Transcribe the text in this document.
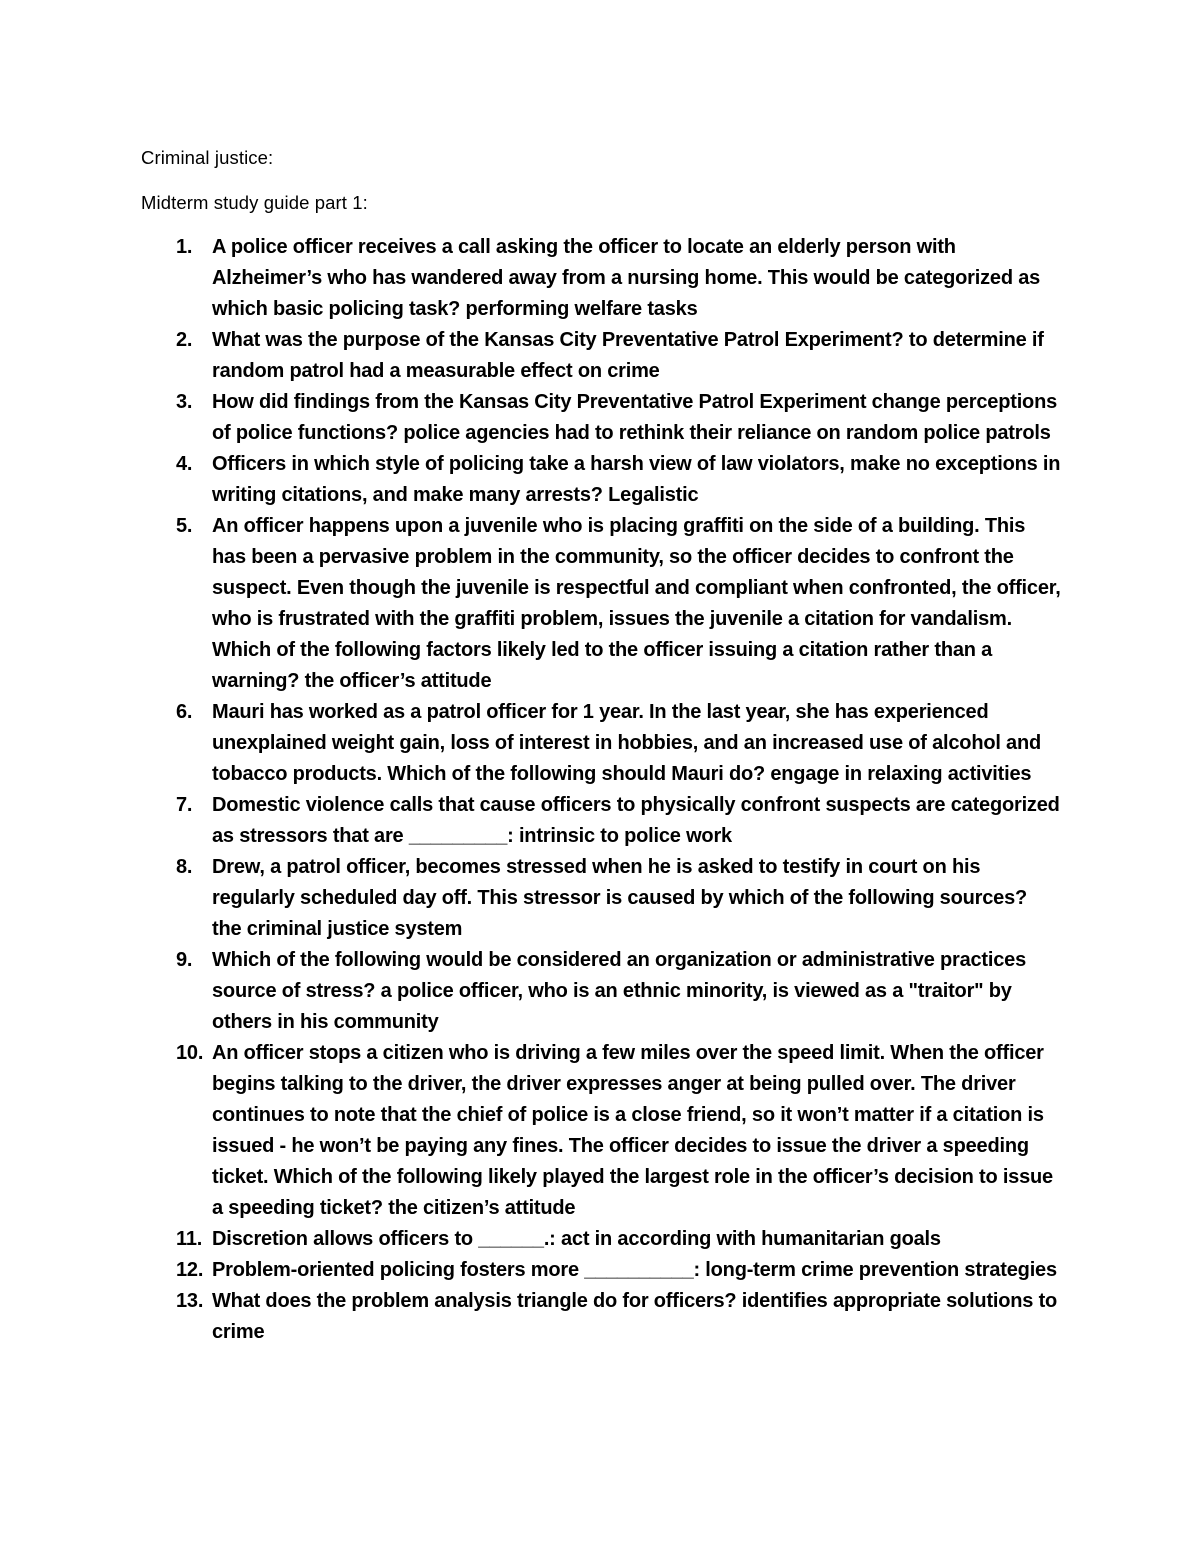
Criminal justice:

Midterm study guide part 1:

1. A police officer receives a call asking the officer to locate an elderly person with Alzheimer’s who has wandered away from a nursing home. This would be categorized as which basic policing task? performing welfare tasks
2. What was the purpose of the Kansas City Preventative Patrol Experiment? to determine if random patrol had a measurable effect on crime
3. How did findings from the Kansas City Preventative Patrol Experiment change perceptions of police functions? police agencies had to rethink their reliance on random police patrols
4. Officers in which style of policing take a harsh view of law violators, make no exceptions in writing citations, and make many arrests? Legalistic
5. An officer happens upon a juvenile who is placing graffiti on the side of a building. This has been a pervasive problem in the community, so the officer decides to confront the suspect. Even though the juvenile is respectful and compliant when confronted, the officer, who is frustrated with the graffiti problem, issues the juvenile a citation for vandalism. Which of the following factors likely led to the officer issuing a citation rather than a warning? the officer’s attitude
6. Mauri has worked as a patrol officer for 1 year. In the last year, she has experienced unexplained weight gain, loss of interest in hobbies, and an increased use of alcohol and tobacco products. Which of the following should Mauri do? engage in relaxing activities
7. Domestic violence calls that cause officers to physically confront suspects are categorized as stressors that are _________: intrinsic to police work
8. Drew, a patrol officer, becomes stressed when he is asked to testify in court on his regularly scheduled day off. This stressor is caused by which of the following sources? the criminal justice system
9. Which of the following would be considered an organization or administrative practices source of stress? a police officer, who is an ethnic minority, is viewed as a "traitor" by others in his community
10. An officer stops a citizen who is driving a few miles over the speed limit. When the officer begins talking to the driver, the driver expresses anger at being pulled over. The driver continues to note that the chief of police is a close friend, so it won’t matter if a citation is issued - he won’t be paying any fines. The officer decides to issue the driver a speeding ticket. Which of the following likely played the largest role in the officer’s decision to issue a speeding ticket? the citizen’s attitude
11. Discretion allows officers to ______.: act in according with humanitarian goals
12. Problem-oriented policing fosters more __________: long-term crime prevention strategies
13. What does the problem analysis triangle do for officers? identifies appropriate solutions to crime
